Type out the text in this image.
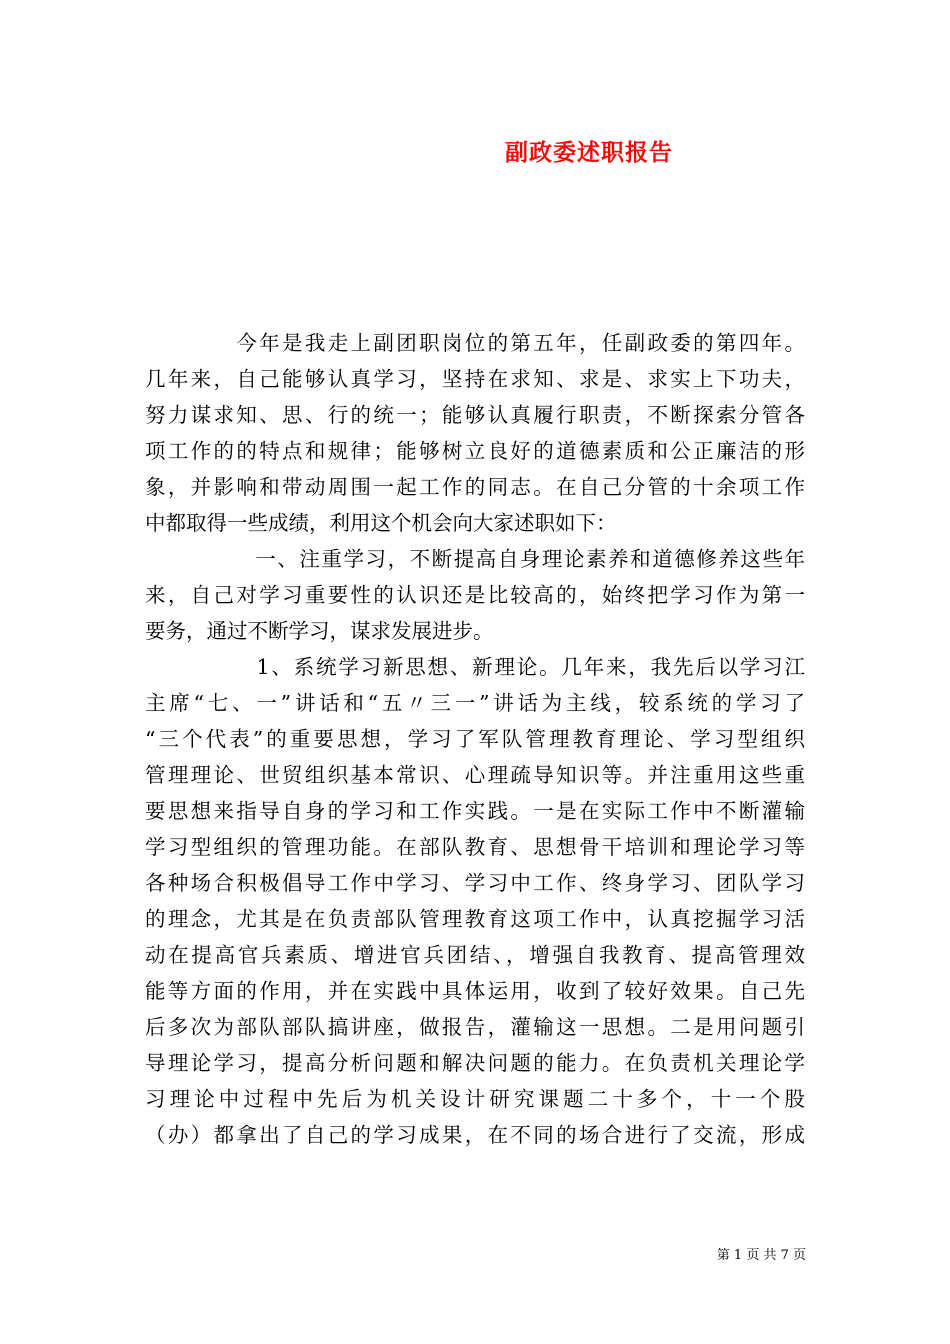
副政委述职报告
　　　　今年是我走上副团职岗位的第五年，任副政委的第四年。
几年来，自己能够认真学习，坚持在求知、求是、求实上下功夫，
努力谋求知、思、行的统一；能够认真履行职责，不断探索分管各
项工作的的特点和规律；能够树立良好的道德素质和公正廉洁的形
象，并影响和带动周围一起工作的同志。在自己分管的十余项工作
中都取得一些成绩，利用这个机会向大家述职如下：
　　　　　一、注重学习，不断提高自身理论素养和道德修养这些年
来，自己对学习重要性的认识还是比较高的，始终把学习作为第一
要务，通过不断学习，谋求发展进步。
　　　　　1、系统学习新思想、新理论。几年来，我先后以学习江
主席“七、一”讲话和“五〃三一”讲话为主线，较系统的学习了
“三个代表”的重要思想，学习了军队管理教育理论、学习型组织
管理理论、世贸组织基本常识、心理疏导知识等。并注重用这些重
要思想来指导自身的学习和工作实践。一是在实际工作中不断灌输
学习型组织的管理功能。在部队教育、思想骨干培训和理论学习等
各种场合积极倡导工作中学习、学习中工作、终身学习、团队学习
的理念，尤其是在负责部队管理教育这项工作中，认真挖掘学习活
动在提高官兵素质、增进官兵团结、，增强自我教育、提高管理效
能等方面的作用，并在实践中具体运用，收到了较好效果。自己先
后多次为部队部队搞讲座，做报告，灌输这一思想。二是用问题引
导理论学习，提高分析问题和解决问题的能力。在负责机关理论学
习理论中过程中先后为机关设计研究课题二十多个，十一个股
（办）都拿出了自己的学习成果，在不同的场合进行了交流，形成
第 1 页 共 7 页
